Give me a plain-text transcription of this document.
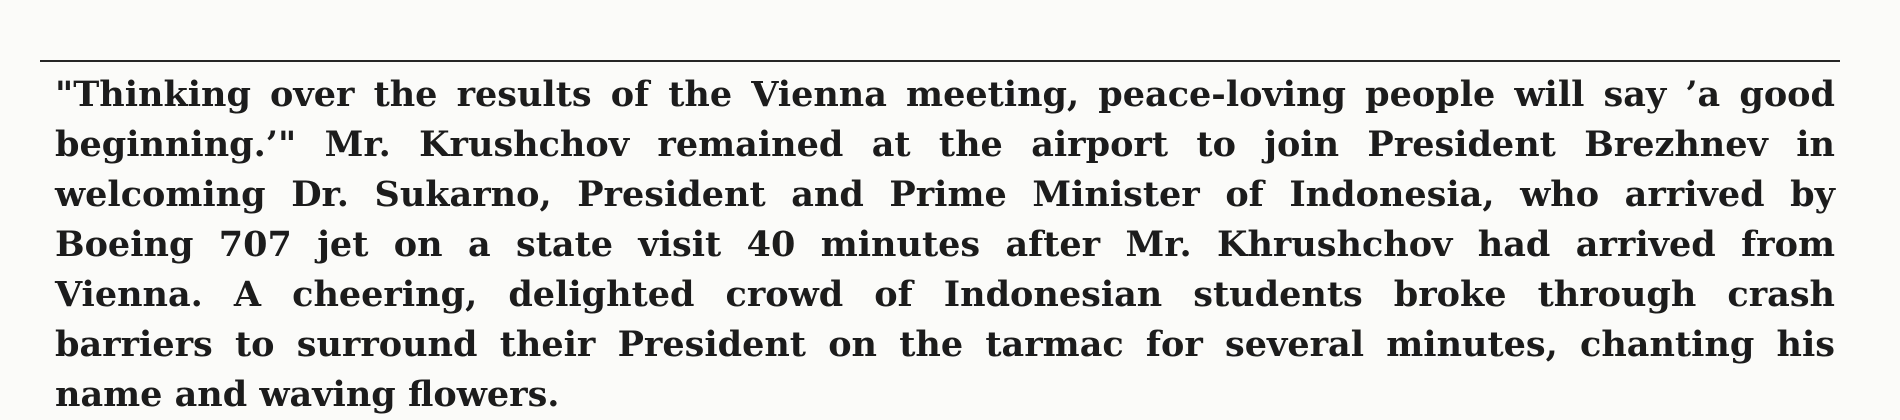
"Thinking over the results of the Vienna meeting, peace-loving people will say ’a good
beginning.’" Mr. Krushchov remained at the airport to join President Brezhnev in
welcoming Dr. Sukarno, President and Prime Minister of Indonesia, who arrived by
Boeing 707 jet on a state visit 40 minutes after Mr. Khrushchov had arrived from
Vienna. A cheering, delighted crowd of Indonesian students broke through crash
barriers to surround their President on the tarmac for several minutes, chanting his
name and waving flowers.
